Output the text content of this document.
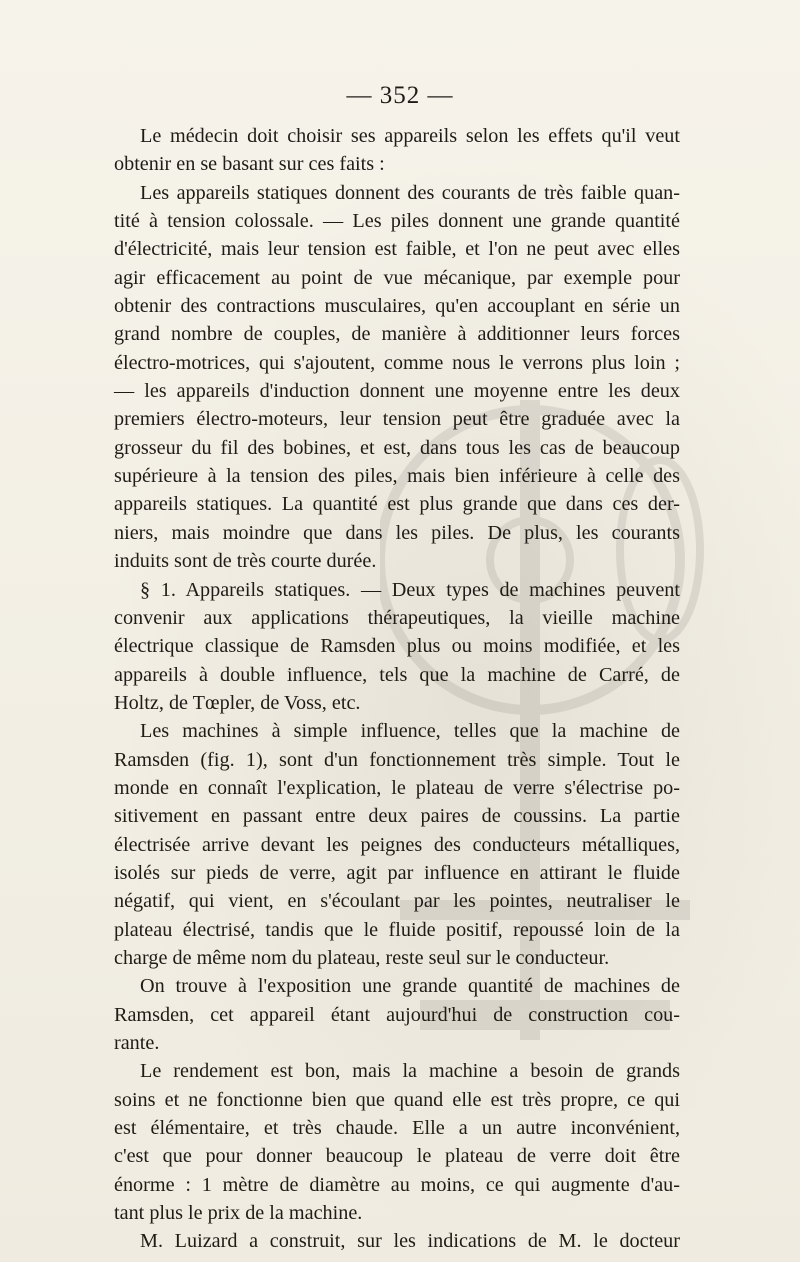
— 352 —
Le médecin doit choisir ses appareils selon les effets qu'il veut
obtenir en se basant sur ces faits :
Les appareils statiques donnent des courants de très faible quan-
tité à tension colossale. — Les piles donnent une grande quantité
d'électricité, mais leur tension est faible, et l'on ne peut avec elles
agir efficacement au point de vue mécanique, par exemple pour
obtenir des contractions musculaires, qu'en accouplant en série un
grand nombre de couples, de manière à additionner leurs forces
électro-motrices, qui s'ajoutent, comme nous le verrons plus loin ;
— les appareils d'induction donnent une moyenne entre les deux
premiers électro-moteurs, leur tension peut être graduée avec la
grosseur du fil des bobines, et est, dans tous les cas de beaucoup
supérieure à la tension des piles, mais bien inférieure à celle des
appareils statiques. La quantité est plus grande que dans ces der-
niers, mais moindre que dans les piles. De plus, les courants
induits sont de très courte durée.
§ 1. Appareils statiques. — Deux types de machines peuvent
convenir aux applications thérapeutiques, la vieille machine
électrique classique de Ramsden plus ou moins modifiée, et les
appareils à double influence, tels que la machine de Carré, de
Holtz, de Tœpler, de Voss, etc.
Les machines à simple influence, telles que la machine de
Ramsden (fig. 1), sont d'un fonctionnement très simple. Tout le
monde en connaît l'explication, le plateau de verre s'électrise po-
sitivement en passant entre deux paires de coussins. La partie
électrisée arrive devant les peignes des conducteurs métalliques,
isolés sur pieds de verre, agit par influence en attirant le fluide
négatif, qui vient, en s'écoulant par les pointes, neutraliser le
plateau électrisé, tandis que le fluide positif, repoussé loin de la
charge de même nom du plateau, reste seul sur le conducteur.
On trouve à l'exposition une grande quantité de machines de
Ramsden, cet appareil étant aujourd'hui de construction cou-
rante.
Le rendement est bon, mais la machine a besoin de grands
soins et ne fonctionne bien que quand elle est très propre, ce qui
est élémentaire, et très chaude. Elle a un autre inconvénient,
c'est que pour donner beaucoup le plateau de verre doit être
énorme : 1 mètre de diamètre au moins, ce qui augmente d'au-
tant plus le prix de la machine.
M. Luizard a construit, sur les indications de M. le docteur
